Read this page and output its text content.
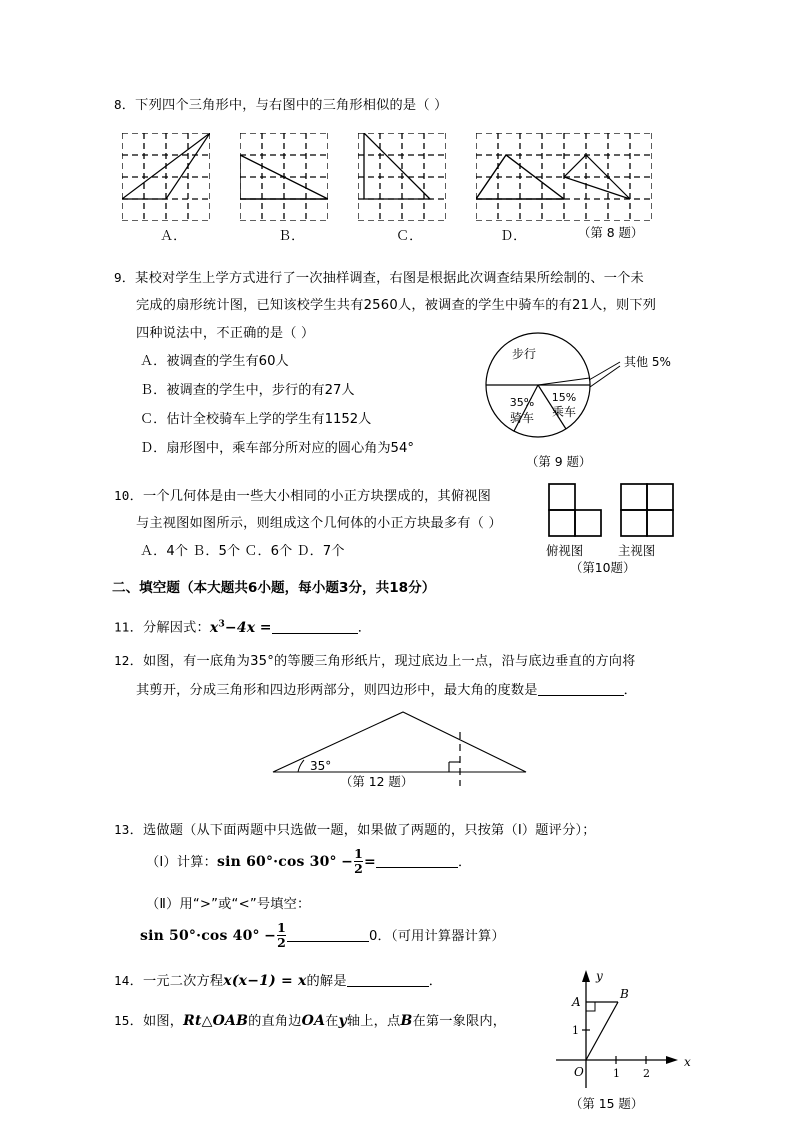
8．下列四个三角形中，与右图中的三角形相似的是（ ）
Ａ．	Ｂ．	Ｃ．	Ｄ．	（第 8 题）
9．某校对学生上学方式进行了一次抽样调查，右图是根据此次调查结果所绘制的、一个未
完成的扇形统计图，已知该校学生共有2560人，被调查的学生中骑车的有21人，则下列
四种说法中，不正确的是（ ）
Ａ．被调查的学生有60人
Ｂ．被调查的学生中，步行的有27人
Ｃ．估计全校骑车上学的学生有1152人
Ｄ．扇形图中，乘车部分所对应的圆心角为54°
步行
其他 5%
35%
骑车
15%
乘车
（第 9 题）
10．一个几何体是由一些大小相同的小正方块摆成的，其俯视图
与主视图如图所示，则组成这个几何体的小正方块最多有（ ）
Ａ．4个 Ｂ．5个 Ｃ．6个 Ｄ．7个	俯视图	主视图
（第10题）
二、填空题（本大题共6小题，每小题3分，共18分）
11．分解因式：$x^3-4x$ =	．
12．如图，有一底角为35°的等腰三角形纸片，现过底边上一点，沿与底边垂直的方向将
其剪开，分成三角形和四边形两部分，则四边形中，最大角的度数是	．
35°
（第 12 题）
13．选做题（从下面两题中只选做一题，如果做了两题的，只按第（Ⅰ）题评分）；
（Ⅰ）计算：sin 60°·cos $30^\circ -\frac{1}{2}$ =	．
（Ⅱ）用“>”或“<”号填空：
sin 50°·cos $40^\circ -\frac{1}{2}$	0．（可用计算器计算）
14．一元二次方程x(x−1) = x的解是	．
15．如图，Rt△OAB的直角边OA在y轴上，点B在第一象限内，
y
x
O	1 2
1
A
B
（第 15 题）
